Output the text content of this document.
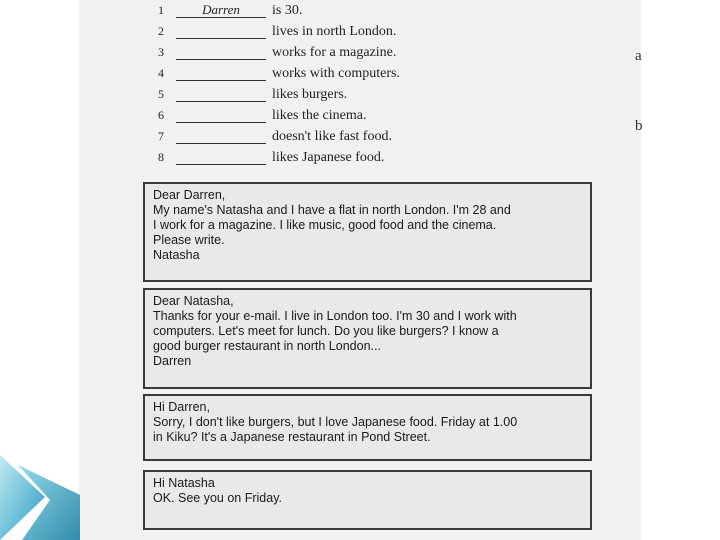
a
b
1	Darren	is 30.
2	lives in north London.
3	works for a magazine.
4	works with computers.
5	likes burgers.
6	likes the cinema.
7	doesn't like fast food.
8	likes Japanese food.
Dear Darren,
My name's Natasha and I have a flat in north London. I'm 28 and
I work for a magazine. I like music, good food and the cinema.
Please write.
Natasha
Dear Natasha,
Thanks for your e-mail. I live in London too. I'm 30 and I work with
computers. Let's meet for lunch. Do you like burgers? I know a
good burger restaurant in north London...
Darren
Hi Darren,
Sorry, I don't like burgers, but I love Japanese food. Friday at 1.00
in Kiku? It's a Japanese restaurant in Pond Street.
Hi Natasha
OK. See you on Friday.
